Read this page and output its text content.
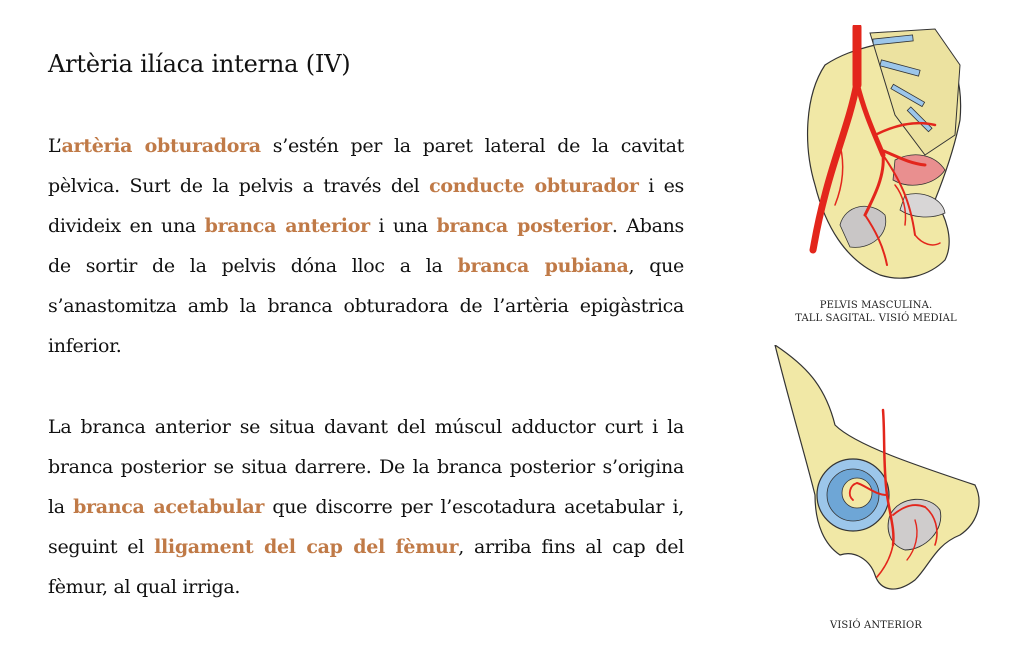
Artèria ilíaca interna (IV)

L’artèria obturadora s’estén per la paret lateral de la cavitat pèlvica. Surt de la pelvis a través del conducte obturador i es divideix en una branca anterior i una branca posterior. Abans de sortir de la pelvis dóna lloc a la branca pubiana, que s’anastomitza amb la branca obturadora de l’artèria epigàstrica inferior.

La branca anterior se situa davant del múscul adductor curt i la branca posterior se situa darrere. De la branca posterior s’origina la branca acetabular que discorre per l’escotadura acetabular i, seguint el lligament del cap del fèmur, arriba fins al cap del fèmur, al qual irriga.

PELVIS MASCULINA.
TALL SAGITAL. VISIÓ MEDIAL
VISIÓ ANTERIOR
